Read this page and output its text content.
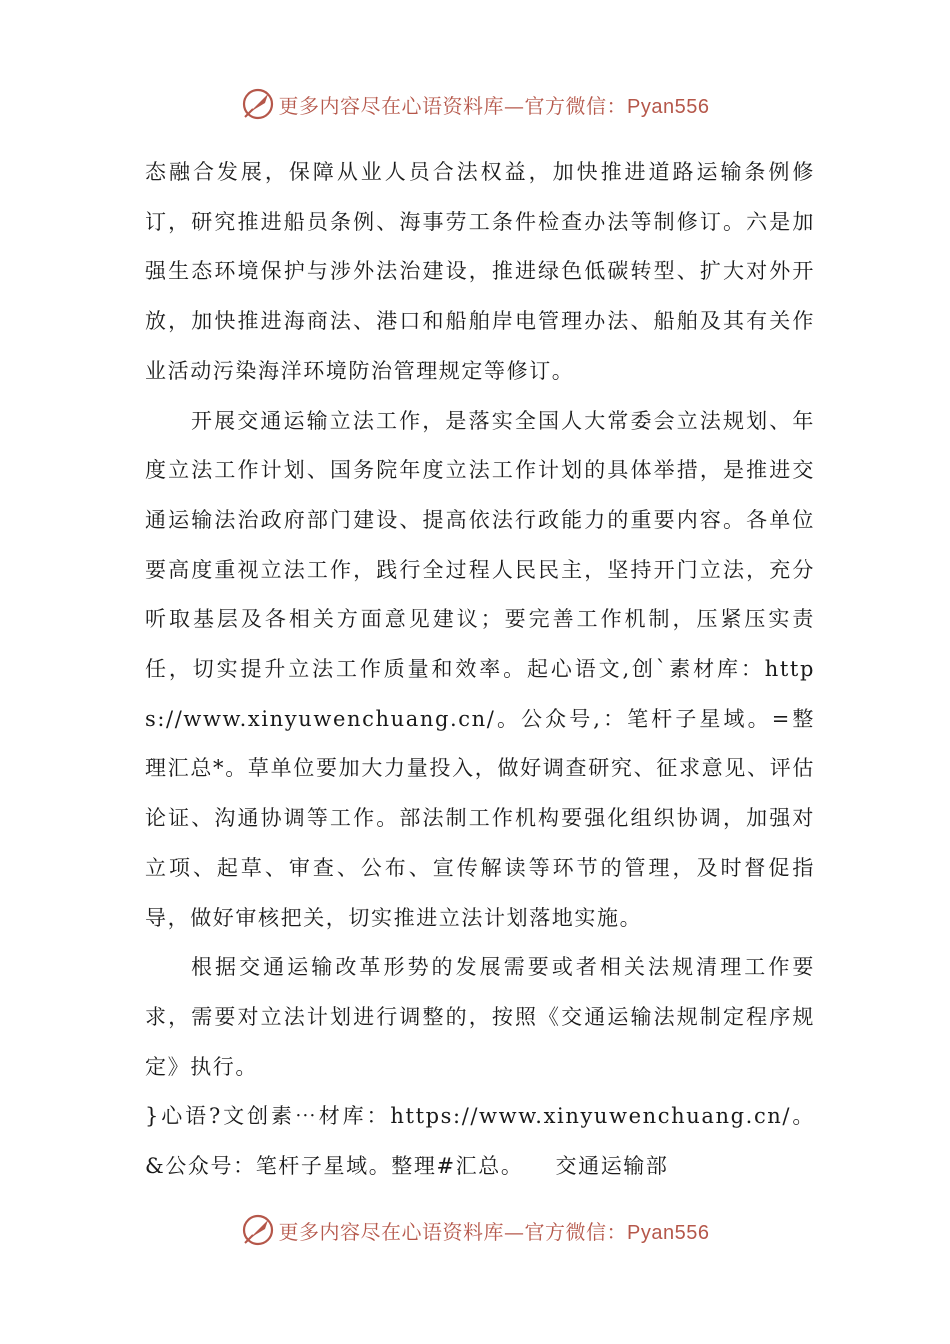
更多内容尽在心语资料库—官方微信：Pyan556

态融合发展，保障从业人员合法权益，加快推进道路运输条例修订，研究推进船员条例、海事劳工条件检查办法等制修订。六是加强生态环境保护与涉外法治建设，推进绿色低碳转型、扩大对外开放，加快推进海商法、港口和船舶岸电管理办法、船舶及其有关作业活动污染海洋环境防治管理规定等修订。

开展交通运输立法工作，是落实全国人大常委会立法规划、年度立法工作计划、国务院年度立法工作计划的具体举措，是推进交通运输法治政府部门建设、提高依法行政能力的重要内容。各单位要高度重视立法工作，践行全过程人民民主，坚持开门立法，充分听取基层及各相关方面意见建议；要完善工作机制，压紧压实责任，切实提升立法工作质量和效率。起心语文,创`素材库：https://www.xinyuwenchuang.cn/。公众号,：笔杆子星域。=整理汇总*。草单位要加大力量投入，做好调查研究、征求意见、评估论证、沟通协调等工作。部法制工作机构要强化组织协调，加强对立项、起草、审查、公布、宣传解读等环节的管理，及时督促指导，做好审核把关，切实推进立法计划落地实施。

根据交通运输改革形势的发展需要或者相关法规清理工作要求，需要对立法计划进行调整的，按照《交通运输法规制定程序规定》执行。

}心语?文创素⋯材库：https://www.xinyuwenchuang.cn/。&公众号：笔杆子星域。整理#汇总。 交通运输部

更多内容尽在心语资料库—官方微信：Pyan556
